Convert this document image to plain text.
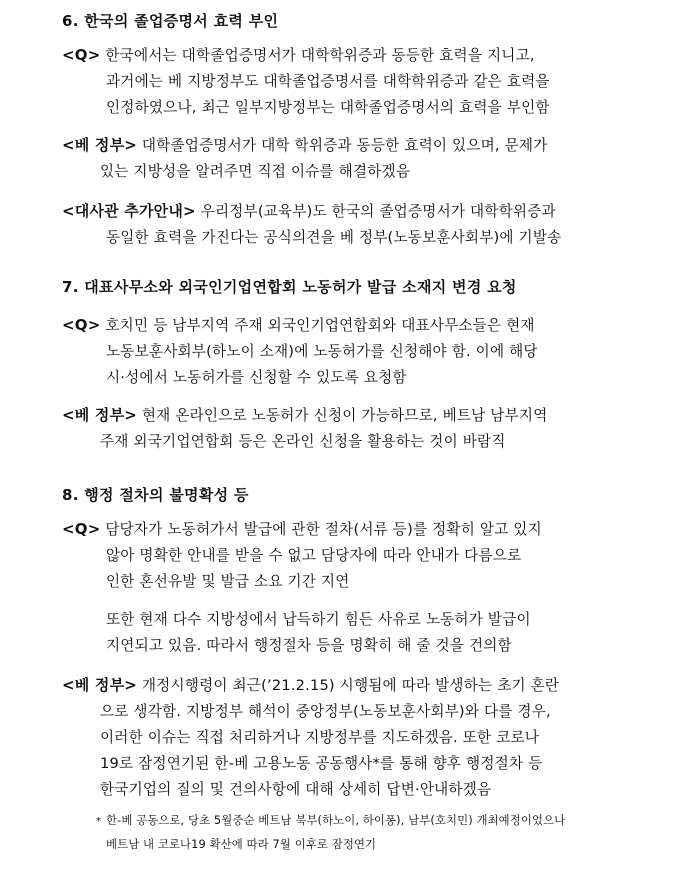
6. 한국의 졸업증명서 효력 부인
<Q> 한국에서는 대학졸업증명서가 대학학위증과 동등한 효력을 지니고,
과거에는 베 지방정부도 대학졸업증명서를 대학학위증과 같은 효력을
인정하였으나, 최근 일부지방정부는 대학졸업증명서의 효력을 부인함
<베 정부> 대학졸업증명서가 대학 학위증과 동등한 효력이 있으며, 문제가
있는 지방성을 알려주면 직접 이슈를 해결하겠음
<대사관 추가안내> 우리정부(교육부)도 한국의 졸업증명서가 대학학위증과
동일한 효력을 가진다는 공식의견을 베 정부(노동보훈사회부)에 기발송
7. 대표사무소와 외국인기업연합회 노동허가 발급 소재지 변경 요청
<Q> 호치민 등 남부지역 주재 외국인기업연합회와 대표사무소들은 현재
노동보훈사회부(하노이 소재)에 노동허가를 신청해야 함. 이에 해당
시·성에서 노동허가를 신청할 수 있도록 요청함
<베 정부> 현재 온라인으로 노동허가 신청이 가능하므로, 베트남 남부지역
주재 외국기업연합회 등은 온라인 신청을 활용하는 것이 바람직
8. 행정 절차의 불명확성 등
<Q> 담당자가 노동허가서 발급에 관한 절차(서류 등)를 정확히 알고 있지
않아 명확한 안내를 받을 수 없고 담당자에 따라 안내가 다름으로
인한 혼선유발 및 발급 소요 기간 지연
또한 현재 다수 지방성에서 납득하기 힘든 사유로 노동허가 발급이
지연되고 있음. 따라서 행정절차 등을 명확히 해 줄 것을 건의함
<베 정부> 개정시행령이 최근(’21.2.15) 시행됨에 따라 발생하는 초기 혼란
으로 생각함. 지방정부 해석이 중앙정부(노동보훈사회부)와 다를 경우,
이러한 이슈는 직접 처리하거나 지방정부를 지도하겠음. 또한 코로나
19로 잠정연기된 한-베 고용노동 공동행사*를 통해 향후 행정절차 등
한국기업의 질의 및 건의사항에 대해 상세히 답변·안내하겠음
* 한-베 공동으로, 당초 5월중순 베트남 북부(하노이, 하이퐁), 남부(호치민) 개최예정이었으나
베트남 내 코로나19 확산에 따라 7월 이후로 잠정연기
